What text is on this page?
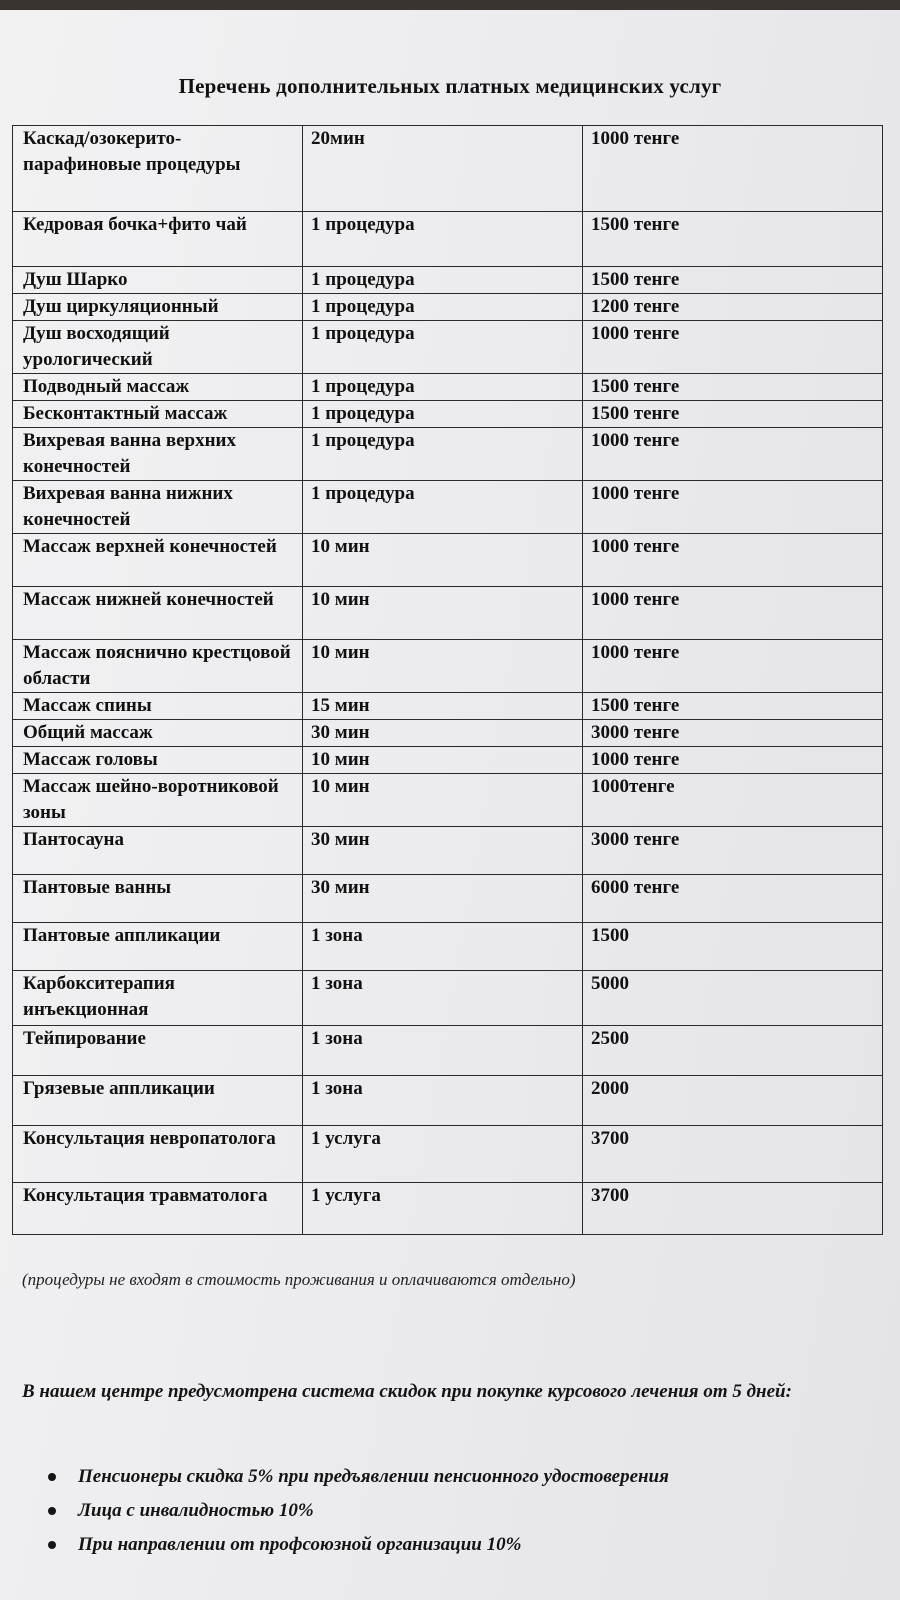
Перечень дополнительных платных медицинских услуг
Каскад/озокерито-парафиновые процедуры	20мин	1000 тенге
Кедровая бочка+фито чай	1 процедура	1500 тенге
Душ Шарко	1 процедура	1500 тенге
Душ циркуляционный	1 процедура	1200 тенге
Душ восходящий урологический	1 процедура	1000 тенге
Подводный массаж	1 процедура	1500 тенге
Бесконтактный массаж	1 процедура	1500 тенге
Вихревая ванна верхних конечностей	1 процедура	1000 тенге
Вихревая ванна нижних конечностей	1 процедура	1000 тенге
Массаж верхней конечностей	10 мин	1000 тенге
Массаж нижней конечностей	10 мин	1000 тенге
Массаж пояснично крестцовой области	10 мин	1000 тенге
Массаж спины	15 мин	1500 тенге
Общий массаж	30 мин	3000 тенге
Массаж головы	10 мин	1000 тенге
Массаж шейно-воротниковой зоны	10 мин	1000тенге
Пантосауна	30 мин	3000 тенге
Пантовые ванны	30 мин	6000 тенге
Пантовые аппликации	1 зона	1500
Карбокситерапия инъекционная	1 зона	5000
Тейпирование	1 зона	2500
Грязевые аппликации	1 зона	2000
Консультация невропатолога	1 услуга	3700
Консультация травматолога	1 услуга	3700
(процедуры не входят в стоимость проживания и оплачиваются отдельно)
В нашем центре предусмотрена система скидок при покупке курсового лечения от 5 дней:
Пенсионеры скидка 5% при предъявлении пенсионного удостоверения
Лица с инвалидностью 10%
При направлении от профсоюзной организации 10%
